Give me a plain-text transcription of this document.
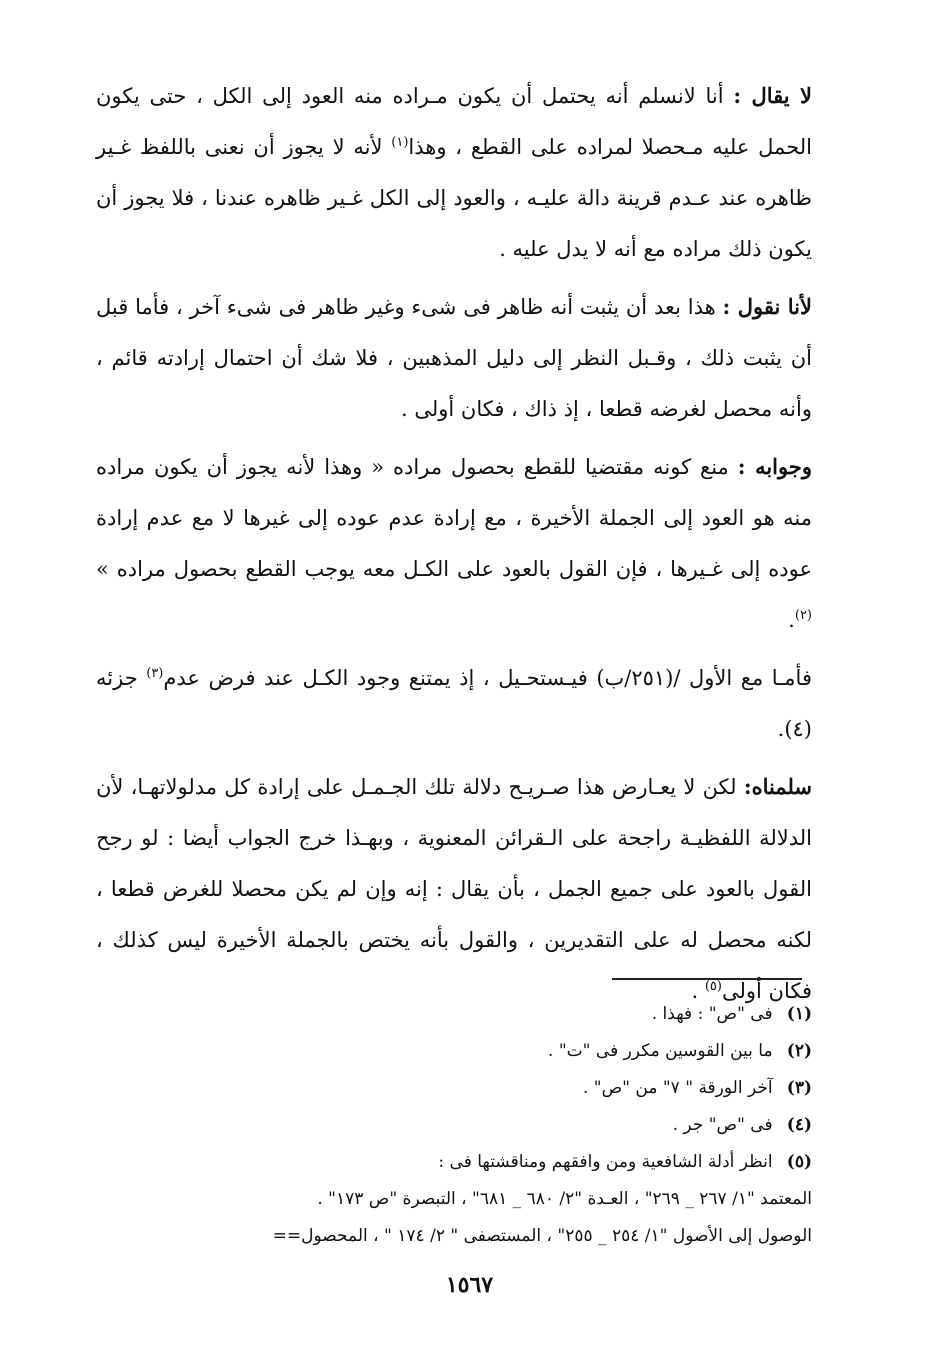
لا يقال : أنا لانسلم أنه يحتمل أن يكون مـراده منه العود إلى الكل ، حتى يكون الحمل عليه مـحصلا لمراده على القطع ، وهذا$^{(١)}$ لأنه لا يجوز أن نعنى باللفظ غـير ظاهره عند عـدم قرينة دالة عليـه ، والعود إلى الكل غـير ظاهره عندنا ، فلا يجوز أن يكون ذلك مراده مع أنه لا يدل عليه .

لأنا نقول : هذا بعد أن يثبت أنه ظاهر فى شىء وغير ظاهر فى شىء آخر ، فأما قبل أن يثبت ذلك ، وقـبل النظر إلى دليل المذهبين ، فلا شك أن احتمال إرادته قائم ، وأنه محصل لغرضه قطعا ، إذ ذاك ، فكان أولى .

وجوابه : منع كونه مقتضيا للقطع بحصول مراده « وهذا لأنه يجوز أن يكون مراده منه هو العود إلى الجملة الأخيرة ، مع إرادة عدم عوده إلى غيرها لا مع عدم إرادة عوده إلى غـيرها ، فإن القول بالعود على الكـل معه يوجب القطع بحصول مراده » $^{(٢)}$.

فأمـا مع الأول /(٢٥١/ب) فيـستحـيل ، إذ يمتنع وجود الكـل عند فرض عدم$^{(٣)}$ جزئه (٤).

سلمناه: لكن لا يعـارض هذا صـريـح دلالة تلك الجـمـل على إرادة كل مدلولاتهـا، لأن الدلالة اللفظيـة راجحة على الـقرائن المعنوية ، وبهـذا خرج الجواب أيضا : لو رجح القول بالعود على جميع الجمل ، بأن يقال : إنه وإن لم يكن محصلا للغرض قطعا ، لكنه محصل له على التقديرين ، والقول بأنه يختص بالجملة الأخيرة ليس كذلك ، فكان أولى$^{(٥)}$ .

(١) فى "ص" : فهذا .
(٢) ما بين القوسين مكرر فى "ت" .
(٣) آخر الورقة " ٧" من "ص" .
(٤) فى "ص" جر .
(٥) انظر أدلة الشافعية ومن وافقهم ومناقشتها فى :
المعتمد "١/ ٢٦٧ _ ٢٦٩" ، العـدة "٢/ ٦٨٠ _ ٦٨١" ، التبصرة "ص ١٧٣" .
الوصول إلى الأصول "١/ ٢٥٤ _ ٢٥٥" ، المستصفى " ٢/ ١٧٤ " ، المحصول==
١٥٦٧
